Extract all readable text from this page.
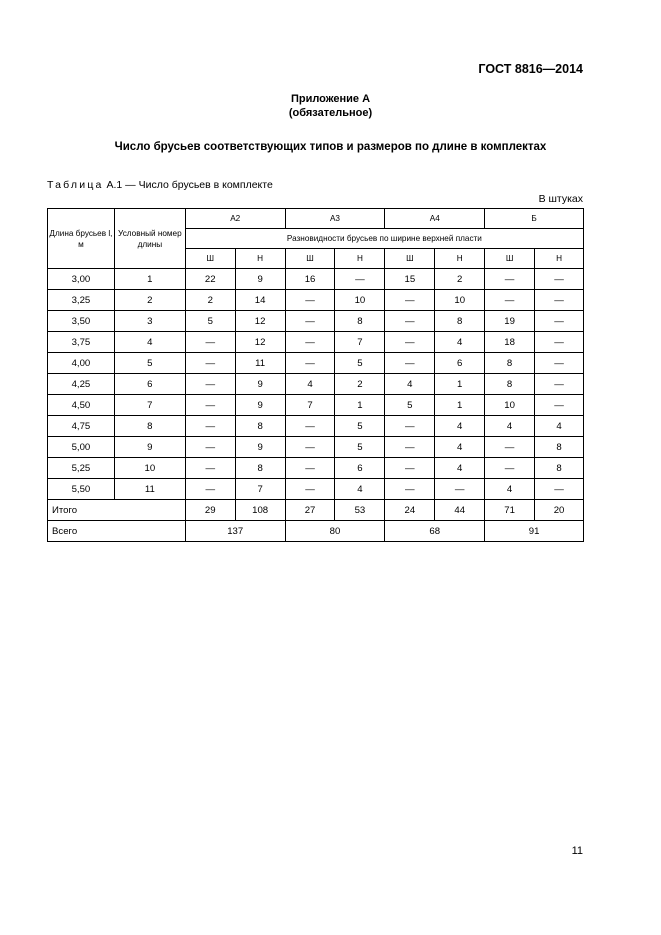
ГОСТ 8816—2014
Приложение А
(обязательное)
Число брусьев соответствующих типов и размеров по длине в комплектах
Таблица А.1 — Число брусьев в комплекте
В штуках
Длина брусьев l, м	Условный номер длины	А2		А3		А4		Б	
		Разновидности брусьев по ширине верхней пласти							
		Ш	Н	Ш	Н	Ш	Н	Ш	Н
3,00	1	22	9	16	—	15	2	—	—
3,25	2	2	14	—	10	—	10	—	—
3,50	3	5	12	—	8	—	8	19	—
3,75	4	—	12	—	7	—	4	18	—
4,00	5	—	11	—	5	—	6	8	—
4,25	6	—	9	4	2	4	1	8	—
4,50	7	—	9	7	1	5	1	10	—
4,75	8	—	8	—	5	—	4	4	4
5,00	9	—	9	—	5	—	4	—	8
5,25	10	—	8	—	6	—	4	—	8
5,50	11	—	7	—	4	—	—	4	—
Итого		29	108	27	53	24	44	71	20
Всего		137		80		68		91	
11
